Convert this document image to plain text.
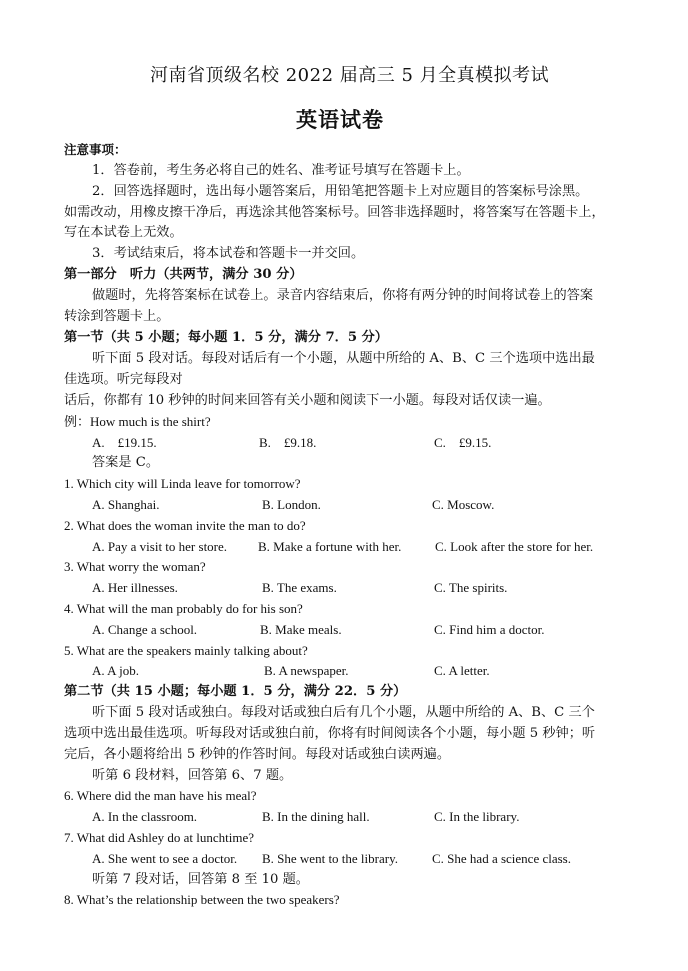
河南省顶级名校 2022 届高三 5 月全真模拟考试
英语试卷
注意事项：
1．答卷前，考生务必将自己的姓名、准考证号填写在答题卡上。
2．回答选择题时，选出每小题答案后，用铅笔把答题卡上对应题目的答案标号涂黑。
如需改动，用橡皮擦干净后，再选涂其他答案标号。回答非选择题时，将答案写在答题卡上，
写在本试卷上无效。
3．考试结束后，将本试卷和答题卡一并交回。
第一部分　听力（共两节，满分 30 分）
做题时，先将答案标在试卷上。录音内容结束后，你将有两分钟的时间将试卷上的答案
转涂到答题卡上。
第一节（共 5 小题；每小题 1．5 分，满分 7．5 分）
听下面 5 段对话。每段对话后有一个小题，从题中所给的 A、B、C 三个选项中选出最
佳选项。听完每段对
话后，你都有 10 秒钟的时间来回答有关小题和阅读下一小题。每段对话仅读一遍。
例：How much is the shirt?
A.　£19.15.	B.　£9.18.	C.　£9.15.
答案是 C。
1. Which city will Linda leave for tomorrow?
A. Shanghai.	B. London.	C. Moscow.
2. What does the woman invite the man to do?
A. Pay a visit to her store. B. Make a fortune with her.	C. Look after the store for her.
3. What worry the woman?
A. Her illnesses.	B. The exams.	C. The spirits.
4. What will the man probably do for his son?
A. Change a school.	B. Make meals.	C. Find him a doctor.
5. What are the speakers mainly talking about?
A. A job.	B. A newspaper.	C. A letter.
第二节（共 15 小题；每小题 1．5 分，满分 22．5 分）
听下面 5 段对话或独白。每段对话或独白后有几个小题，从题中所给的 A、B、C 三个
选项中选出最佳选项。听每段对话或独白前，你将有时间阅读各个小题，每小题 5 秒钟；听
完后，各小题将给出 5 秒钟的作答时间。每段对话或独白读两遍。
听第 6 段材料，回答第 6、7 题。
6. Where did the man have his meal?
A. In the classroom.	B. In the dining hall.	C. In the library.
7. What did Ashley do at lunchtime?
A. She went to see a doctor. B. She went to the library.	C. She had a science class.
听第 7 段对话，回答第 8 至 10 题。
8. What’s the relationship between the two speakers?
